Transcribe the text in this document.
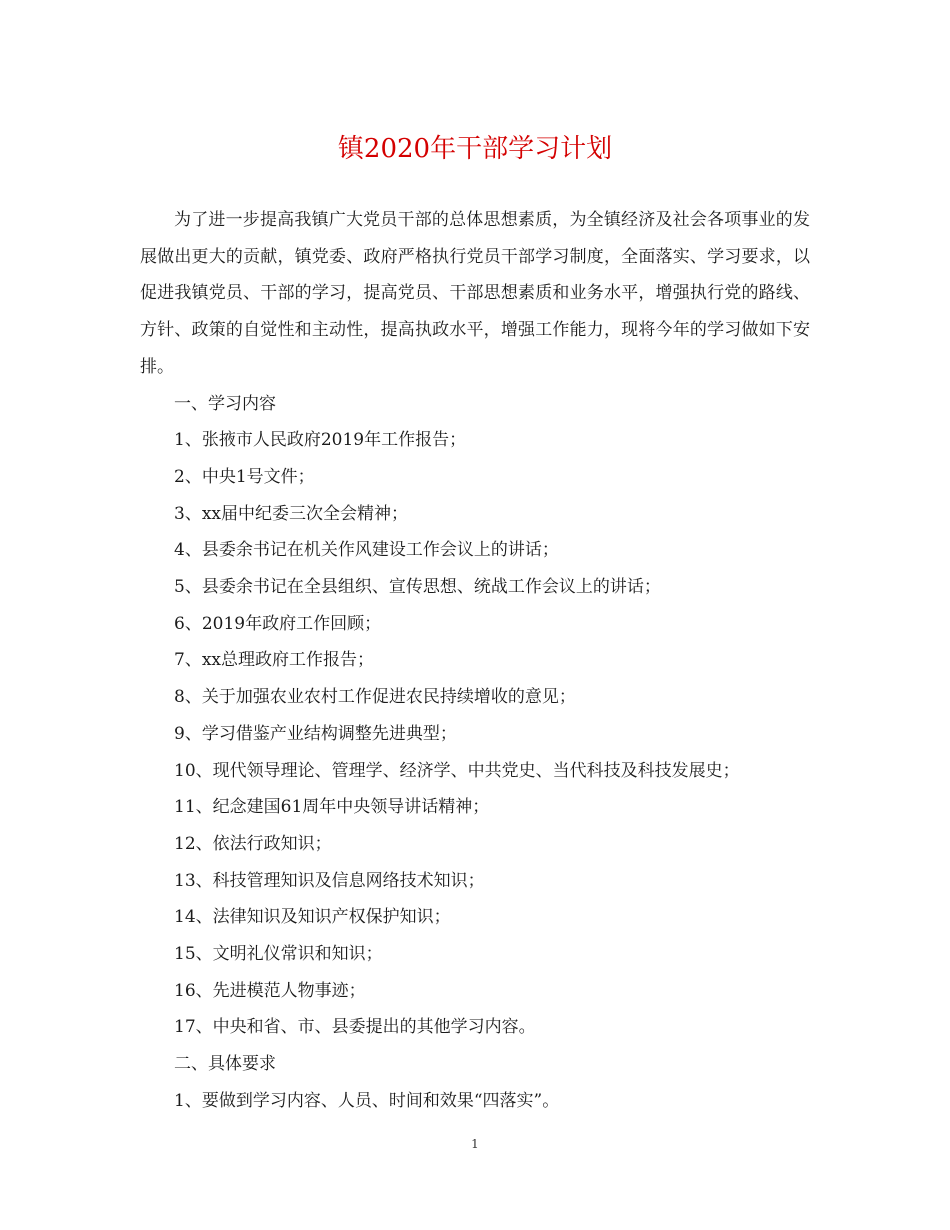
镇2020年干部学习计划

为了进一步提高我镇广大党员干部的总体思想素质，为全镇经济及社会各项事业的发展做出更大的贡献，镇党委、政府严格执行党员干部学习制度，全面落实、学习要求，以促进我镇党员、干部的学习，提高党员、干部思想素质和业务水平，增强执行党的路线、方针、政策的自觉性和主动性，提高执政水平，增强工作能力，现将今年的学习做如下安排。

一、学习内容

1、张掖市人民政府2019年工作报告；

2、中央1号文件；

3、xx届中纪委三次全会精神；

4、县委余书记在机关作风建设工作会议上的讲话；

5、县委余书记在全县组织、宣传思想、统战工作会议上的讲话；

6、2019年政府工作回顾；

7、xx总理政府工作报告；

8、关于加强农业农村工作促进农民持续增收的意见；

9、学习借鉴产业结构调整先进典型；

10、现代领导理论、管理学、经济学、中共党史、当代科技及科技发展史；

11、纪念建国61周年中央领导讲话精神；

12、依法行政知识；

13、科技管理知识及信息网络技术知识；

14、法律知识及知识产权保护知识；

15、文明礼仪常识和知识；

16、先进模范人物事迹；

17、中央和省、市、县委提出的其他学习内容。

二、具体要求

1、要做到学习内容、人员、时间和效果“四落实”。

1
